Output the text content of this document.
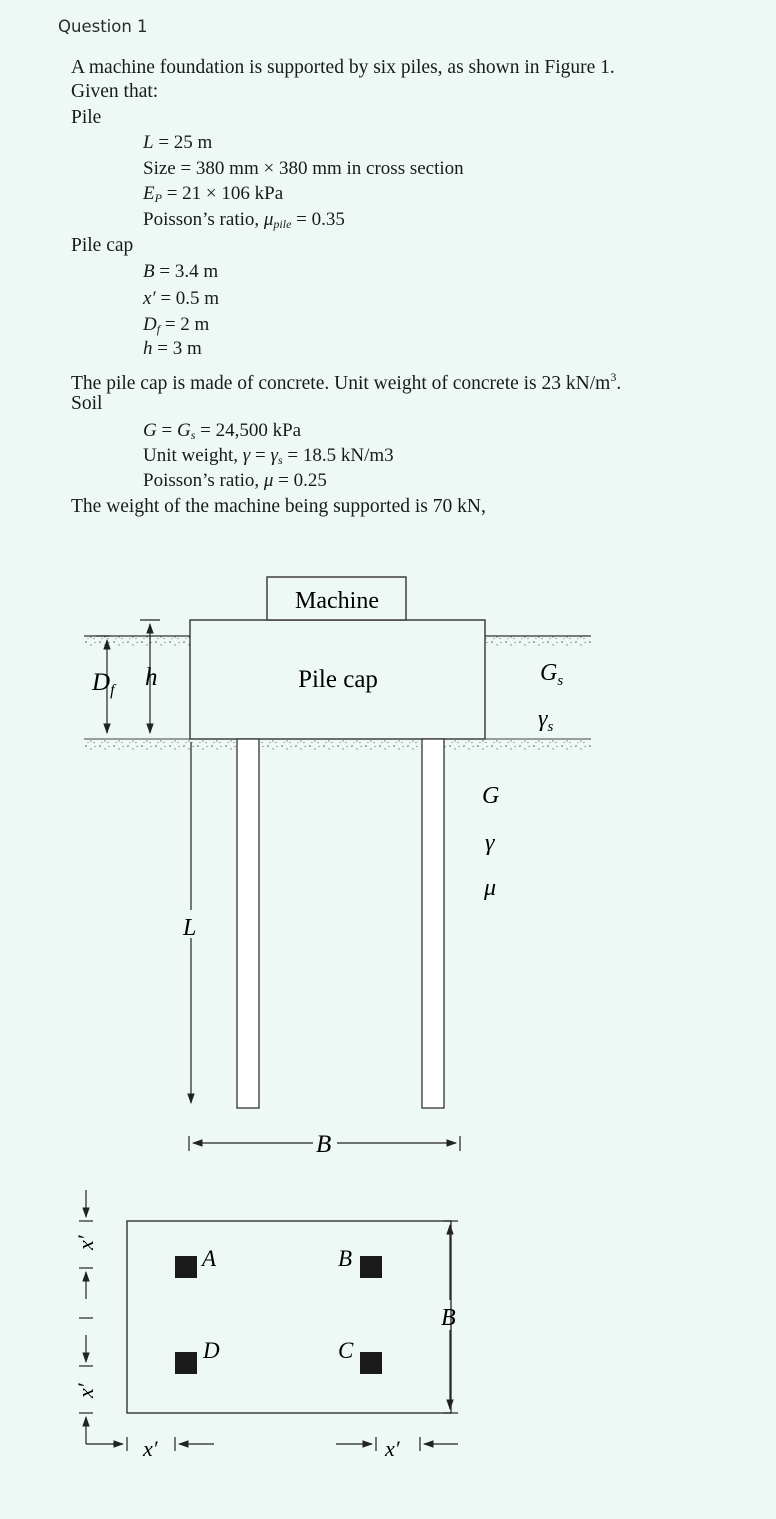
Question 1
A machine foundation is supported by six piles, as shown in Figure 1.
Given that:
Pile
L = 25 m
Size = 380 mm × 380 mm in cross section
$E_P = 21 \times 106$ kPa
Poisson’s ratio, $\mu_{pile} = 0.35$
Pile cap
B = 3.4 m
x′ = 0.5 m
$D_f = 2$ m
h = 3 m
The pile cap is made of concrete. Unit weight of concrete is 23 $kN/m^3$.
Soil
$G = G_s = 24,500$ kPa
Unit weight, $\gamma = \gamma_s = 18.5$ kN/m3
Poisson’s ratio, μ = 0.25
The weight of the machine being supported is 70 kN,
Pile cap
Machine
$D_f$ h
L
B
$G_s$
$\gamma_s$
G
γ
μ
A	B
C
D
B
x′
x′
x′	x′
